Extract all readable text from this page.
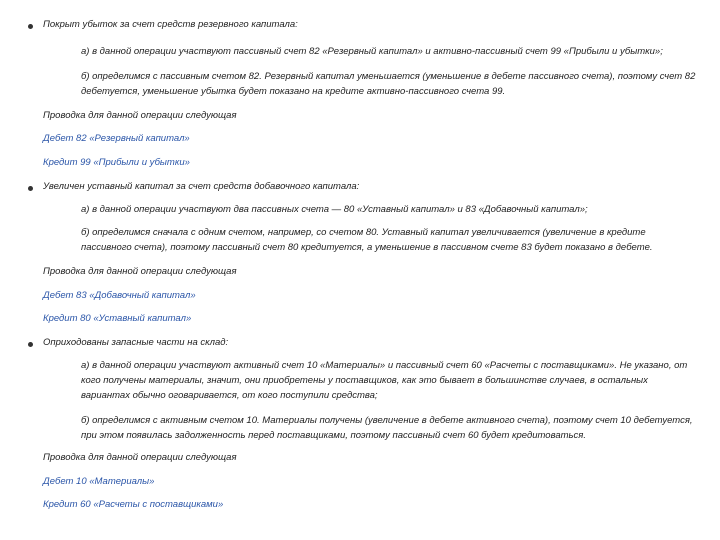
Покрыт убыток за счет средств резервного капитала:
а) в данной операции участвуют пассивный счет 82 «Резервный капитал» и активно-пассивный счет 99 «Прибыли и убытки»;
б) определимся с пассивным счетом 82. Резервный капитал уменьшается (уменьшение в дебете пассивного счета), поэтому счет 82
дебетуется, уменьшение убытка будет показано на кредите активно-пассивного счета 99.
Проводка для данной операции следующая
Дебет 82 «Резервный капитал»
Кредит 99 «Прибыли и убытки»
Увеличен уставный капитал за счет средств добавочного капитала:
а) в данной операции участвуют два пассивных счета — 80 «Уставный капитал» и 83 «Добавочный капитал»;
б) определимся сначала с одним счетом, например, со счетом 80. Уставный капитал увеличивается (увеличение в кредите
пассивного счета), поэтому пассивный счет 80 кредитуется, а уменьшение в пассивном счете 83 будет показано в дебете.
Проводка для данной операции следующая
Дебет 83 «Добавочный капитал»
Кредит 80 «Уставный капитал»
Оприходованы запасные части на склад:
а) в данной операции участвуют активный счет 10 «Материалы» и пассивный счет 60 «Расчеты с поставщиками». Не указано, от
кого получены материалы, значит, они приобретены у поставщиков, как это бывает в большинстве случаев, в остальных
вариантах обычно оговаривается, от кого поступили средства;
б) определимся с активным счетом 10. Материалы получены (увеличение в дебете активного счета), поэтому счет 10 дебетуется,
при этом появилась задолженность перед поставщиками, поэтому пассивный счет 60 будет кредитоваться.
Проводка для данной операции следующая
Дебет 10 «Материалы»
Кредит 60 «Расчеты с поставщиками»
